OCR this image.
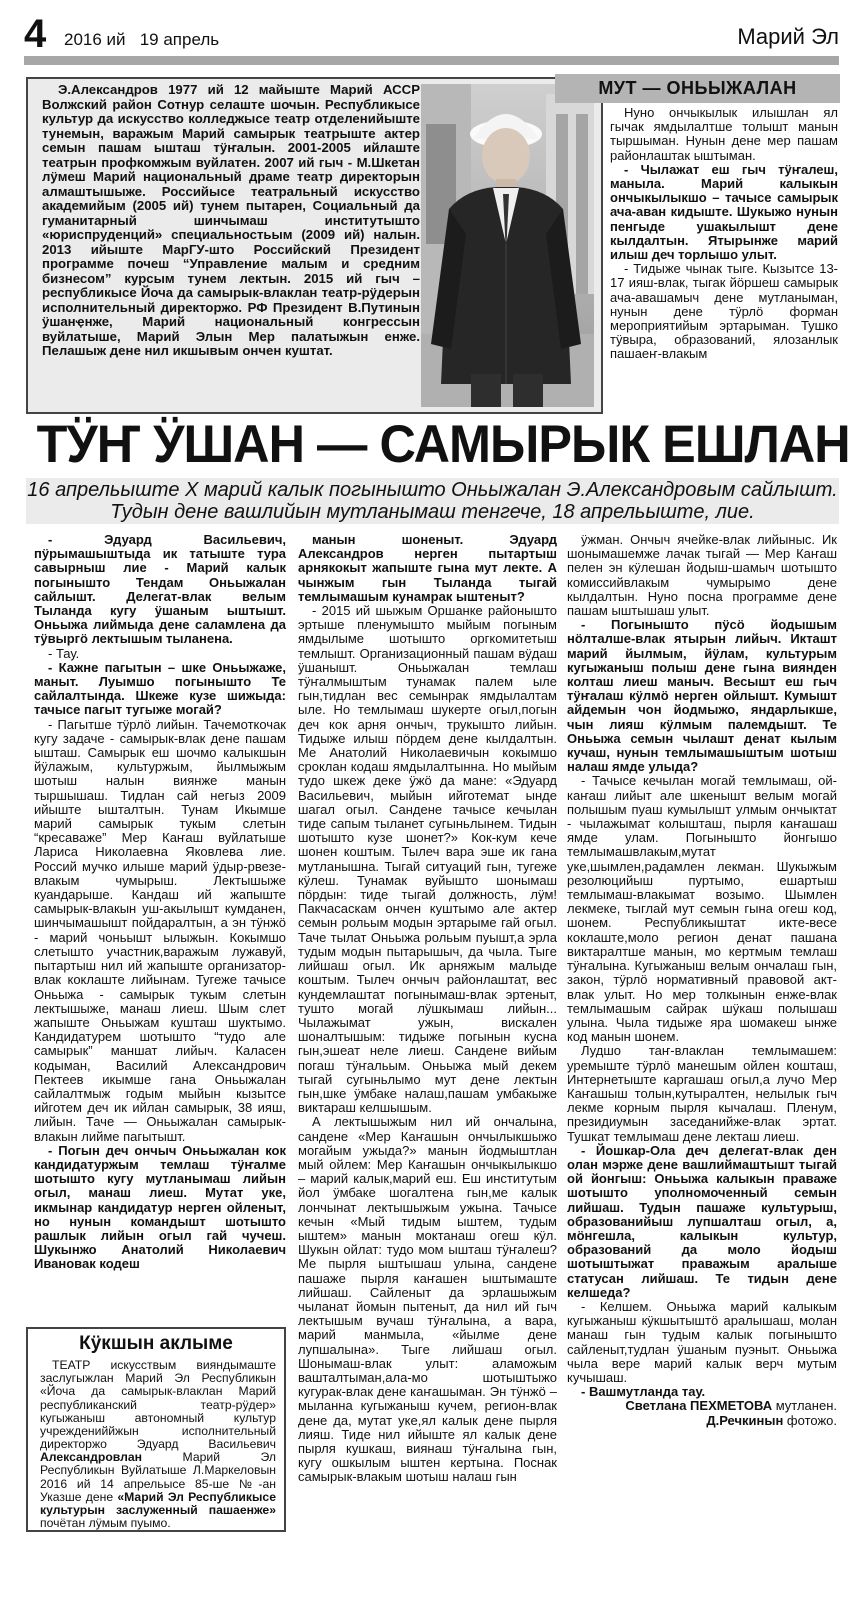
4 2016 ий   19 апрель	Марий Эл
Э.Александров 1977 ий 12 майыште Марий АССР Волжский район Сотнур селаште шочын. Республикысе культур да искусство колледжысе театр отделенийыште тунемын, варажым Марий самырык театрыште актер семын пашам ышташ тӱҥалын. 2001-2005 ийлаште театрын профкомжым вуйлатен. 2007 ий гыч - М.Шкетан лӱмеш Марий национальный драме театр директорын алмаштышыже. Российысе театральный искусство академийым (2005 ий) тунем пытарен, Социальный да гуманитарный шинчымаш институтышто «юриспруденций» специальностьым (2009 ий) налын. 2013 ийыште МарГУ-што Российский Президент программе почеш “Управление малым и средним бизнесом” курсым тунем лектын. 2015 ий гыч – республикысе Йоча да самырык-влаклан театр-рӱдерын исполнительный директоржо. РФ Президент В.Путинын ӱшанҿнже, Марий национальный конгрессын вуйлатыше, Марий Элын Мер палатыжын енже. Пелашыж дене нил икшывым ончен куштат.
МУТ — ОНЬЫЖАЛАН

Нуно ончыкылык илышлан ял гычак ямдылалтше толышт манын тыршыман. Нунын дене мер пашам районлаштак ыштыман.

- Чылажат еш гыч тӱҥалеш, маныла. Марий калыкын ончыкылыкшо – тачысе самырык ача-аван кидыште. Шукыжо нунын пенгыде ушакылышт дене кылдалтын. Ятырынже марий илыш деч торлышо улыт.

- Тидыже чынак тыге. Кызытсе 13-17 ияш-влак, тыгак йӧршеш самырык ача-авашамыч дене мутланыман, нунын дене тӱрлӧ форман мероприятийым эртарыман. Тушкo тӱвыра, образований, ялозанлык пашаеҥ-влакым

ТӰҤ ӰШАН — САМЫРЫК ЕШЛАН
16 апрельыште Х марий калык погынышто Оньыжалан Э.Александровым сайлышт. Тудын дене вашлийын мутланымаш тенгече, 18 апрельыште, лие.

- Эдуард Васильевич, пӱрымашыштыда ик татыште тура савырныш лие - Марий калык погынышто Тендам Оньыжалан сайлышт. Делегат-влак велым Тыланда кугу ӱшаным ыштышт. Оньыжа лиймыда дене саламлена да тӱвыргӧ лектышым тыланена.

- Тау.

- Кажне пагытын – шке Оньыжаже, маныт. Луымшо погынышто Те сайлалтында. Шкеже кузе шижыда: тачысе пагыт тугыже могай?

- Пагытше тӱрлӧ лийын. Тачемоткочак кугу задаче - самырык-влак дене пашам ышташ. Самырык еш шочмо калыкшын йӱлажым, культуржым, йылмыжым шотыш налын виянже манын тыршышаш. Тидлан сай негыз 2009 ийыште ышталтын. Тунам Икымше марий самырык тукым слетын “кресаваже” Мер Каҥаш вуйлатыше Лариса Николаевна Яковлева лие. Россий мучко илыше марий ӱдыр-рвезе-влакым чумырыш. Лектышыже куандарыше. Кандаш ий жапыште самырык-влакын уш-акылышт кумданен, шинчымашышт пойдаралтын, а эн тӱнжӧ - марий чоньышт ылыжын. Кокымшо слетышто участник,варажым лужавуй, пытартыш нил ий жапыште организатор-влак коклаште лийынам. Тугеже тачысе Оньыжа - самырык тукым слетын лектышыже, манаш лиеш. Шым слет жапыште Оньыжам кушташ шуктымо. Кандидатурем шотышто “тудо але самырык” маншат лийыч. Каласен кодыман, Василий Александрович Пектеев икымше гана Оньыжалан сайлалтмыж годым мыйын кызытсе ийготем деч ик ийлан самырык, 38 ияш, лийын. Таче — Оньыжалан самырык-влакын лийме пагытышт.

- Погын деч ончыч Оньыжалан кок кандидатуржым темлаш тӱҥалме шотышто кугу мутланымаш лийын огыл, манаш лиеш. Мутат уке, икмынар кандидатур нерген ойленыт, но нунын командышт шотышто рашлык лийын огыл гай чучеш. Шукынжо Анатолий Николаевич Ивановак кодеш

манын шоненыт. Эдуард Александров нерген пытартыш арнякокыт жапыште гына мут лекте. А чынжым гын Тыланда тыгай темлымашым кунамрак ыштеныт?

- 2015 ий шыжым Оршанке районышто эртыше пленумышто мыйым погыным ямдылыме шотышто оргкомитетыш темлышт. Организационный пашам вӱдаш ӱшанышт. Оньыжалан темлаш тӱҥалмыштым тунамак палем ыле гын,тидлан вес семынрак ямдылалтам ыле. Но темлымаш шукерте огыл,погын деч кок арня ончыч, трукышто лийын. Тидыже илыш пӧрдем дене кылдалтын. Ме Анатолий Николаевичын кокымшо сроклан кодаш ямдылалтынна. Но мыйым тудо шкеж деке ӱжӧ да мане: «Эдуард Васильевич, мыйын ийготемат ынде шагал огыл. Сандене тачысе кечылан тиде сапым тыланет сугыньлынем. Тидын шотышто кузе шонет?» Кок-кум кече шонен коштым. Тылеч вара эше ик гана мутланышна. Тыгай ситуаций гын, тугеже кӱлеш. Тунамак вуйышто шонымаш пӧрдын: тиде тыгай должность, лӱм! Пакчасаскам ончен куштымо але актер семын рольым модын эртарыме гай огыл. Тачe тылат Оньыжа рольым пуышт,а эрла тудым модын пытарышыч, да чыла. Тыгe лийшаш огыл. Ик арняжым малыде коштым. Тылеч ончыч районлаштат, вес кундемлаштат погынымаш-влак эртеныт, тушто могай лӱшкымаш лийын... Чылажымат ужын, вискален шоналтышым: тидыже погынын кусна гын,эшеат неле лиеш. Сандене вийым погаш тӱҥальым. Оньыжа мый декем тыгай сугыньлымо мут дене лектын гын,шке ӱмбаке налаш,пашам умбакыже виктараш келшышым.

А лектышыжым нил ий ончалына, сандене «Мер Каҥашын ончылыкшыжо могайым ужыда?» манын йодмыштлан мый ойлем: Мер Каҥашын ончыкылыкшо – марий калык,марий еш. Еш институтым йол ӱмбаке шогалтена гын,ме калык лончынат лектышыжым ужына. Тачысе кечын «Мый тидым ыштем, тудым ыштем» манын мoктанаш огеш кӱл. Шукын ойлат: тудо мом ышташ тӱҥалеш? Ме пырля ыштышаш улына, сандене пашаже пырля каҥашен ыштымаште лийшаш. Сайленыт да эрлашыжым чыланат йомын пытеныт, да нил ий гыч лектышым вучаш тӱҥалына, а вара, марий манмыла, «йылме дене лупшалына». Тыгe лийшаш огыл. Шонымаш-влак улыт: аламожым вашталтыман,ала-мо шотыштыжо кугурак-влак дене каҥашыман. Эн тӱнжӧ – мыланна кугыжаныш кучем, регион-влак дене да, мутат уке,ял калык дене пырля лияш. Тиде нил ийыште ял калык дене пырля кушкаш, виянаш тӱҥалына гын, кугу ошкылым ыштен кертына. Поснак самырык-влакым шотыш налаш гын

ӱжман. Ончыч ячейке-влак лийыныс. Ик шонымашемже лачак тыгай — Мер Каҥаш пелен эн кӱлешан йодыш-шамыч шотышто комиссийвлакым чумырымо дене кылдалтын. Нуно посна программе дене пашам ыштышаш улыт.

- Погынышто пӱсӧ йодышым нӧлталше-влак ятырын лийыч. Икташт марий йылмым, йӱлам, культурым кугыжаныш полыш дене гына виянден колташ лиеш маныч. Весышт еш гыч тӱҥалаш кӱлмӧ нерген ойлышт. Кумышт айдемын чон йодмыжо, яндарлыкше, чын лияш кӱлмым палемдышт. Те Оньыжа семын чылашт денат кылым кучаш, нунын темлымашыштым шотыш налаш ямде улыда?

- Тачысе кечылан могай темлымаш, ой-каҥаш лийыт але шкенышт велым могай полышым пуаш кумылышт улмым ончыктат - чылажымат колышташ, пырля каҥашаш ямде улам. Погынышто йонгышо темлымашвлакым,мутат уке,шымлен,радамлен лекман. Шукыжым резолюцийыш пуртымо, ешартыш темлымаш-влакымат возымо. Шымлен лекмеке, тыглай мут семын гына огеш код, шонем. Республикыштат икте-весе коклаште,моло регион денат пашана виктаралтше манын, мо кертмым темлаш тӱҥалына. Кугыжаныш велым ончалаш гын, закон, тӱрлӧ нормативный правовой акт-влак улыт. Но мер толкынын енже-влак темлымашым сайрак шӱкаш полышаш улына. Чыла тидыже яра шомакеш ынже код манын шонем.

Лудшо таҥ-влаклан темлымашем: уремыште тӱрлӧ манешым ойлен кошташ, Интернетыште каргашаш огыл,а лучо Мер Каҥашыш толын,кутыралтен, нелылык гыч лекме корным пырля кычалаш. Пленум, президиумын заседанийже-влак эртат. Тушкат темлымаш дене лекташ лиеш.

- Йошкар-Ола деч делегат-влак ден олан мэржe дене вашлиймаштышт тыгай ой йонгыш: Оньыжа калыкын праваже шотышто уполномоченный семын лийшаш. Тудын пашаже культурыш, образованийыш лупшалташ огыл, а, мӧнгешла, калыкын культур, образований да моло йодыш шотыштыжат праважым аралыше статусан лийшаш. Те тидын дене келшеда?

- Келшем. Оньыжа марий калыкым кугыжаныш кӱкшытыштӧ аралышаш, молан манаш гын тудым калык погынышто сайленыт,тудлан ӱшаным пуэныт. Оньыжа чыла вере марий калык верч мутым кучышаш.

- Вашмутланда тау.

Светлана ПЕХМЕТОВА мутланен.

Д.Речкинын фотожо.

Кӱкшын аклыме
ТЕАТР искусствым вияндымаште заслугыжлан Марий Эл Республикын «Йоча да самырык-влаклан Марий республиканский театр-рӱдер» кугыжаныш автономный культур учреждениййжын исполнительный директоржо Эдуард Васильевич Александровлан Марий Эл Республикын Вуйлатыше Л.Маркеловын 2016 ий 14 апрельысе 85-ше №-ан Указше дене «Марий Эл Республикысе культурын заслуженный пашаенже» почётан лӱмым пуымо.
